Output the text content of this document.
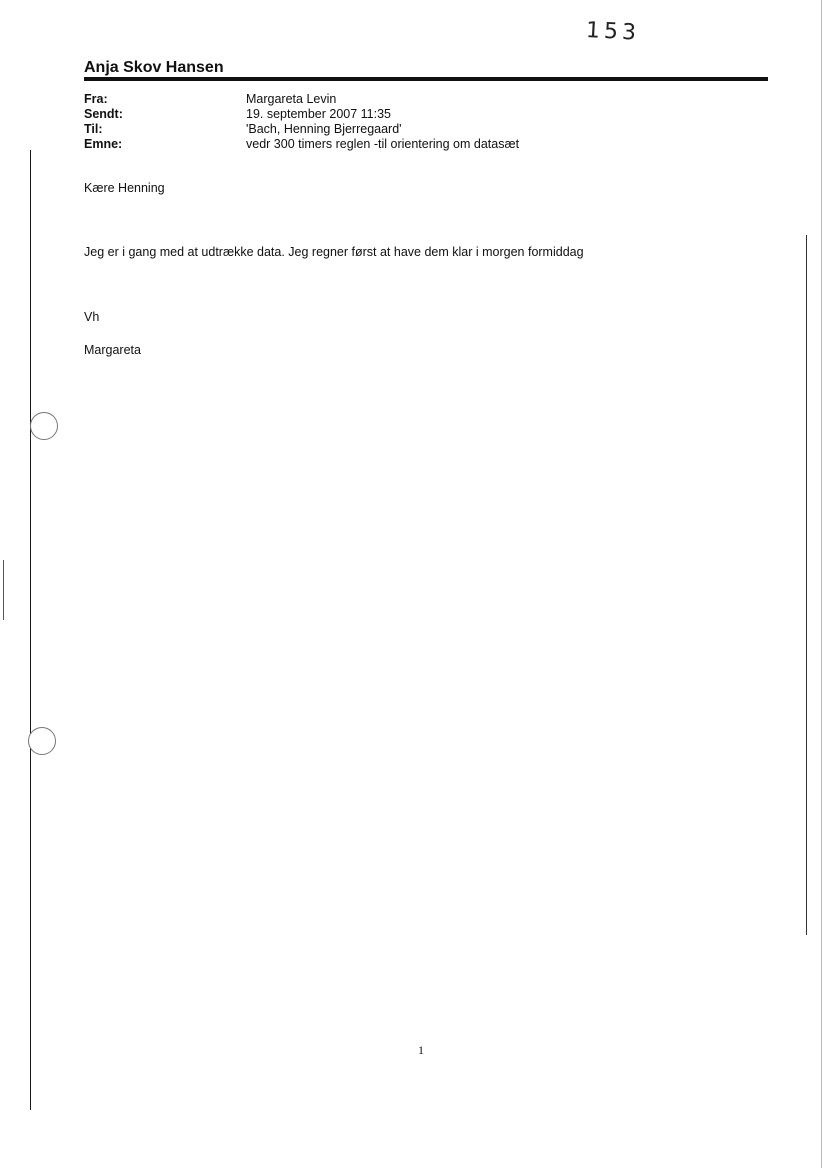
153
Anja Skov Hansen
Fra:	Margareta Levin
Sendt:	19. september 2007 11:35
Til:	'Bach, Henning Bjerregaard'
Emne:	vedr 300 timers reglen -til orientering om datasæt

Kære Henning

Jeg er i gang med at udtrække data. Jeg regner først at have dem klar i morgen formiddag

Vh

Margareta

1
